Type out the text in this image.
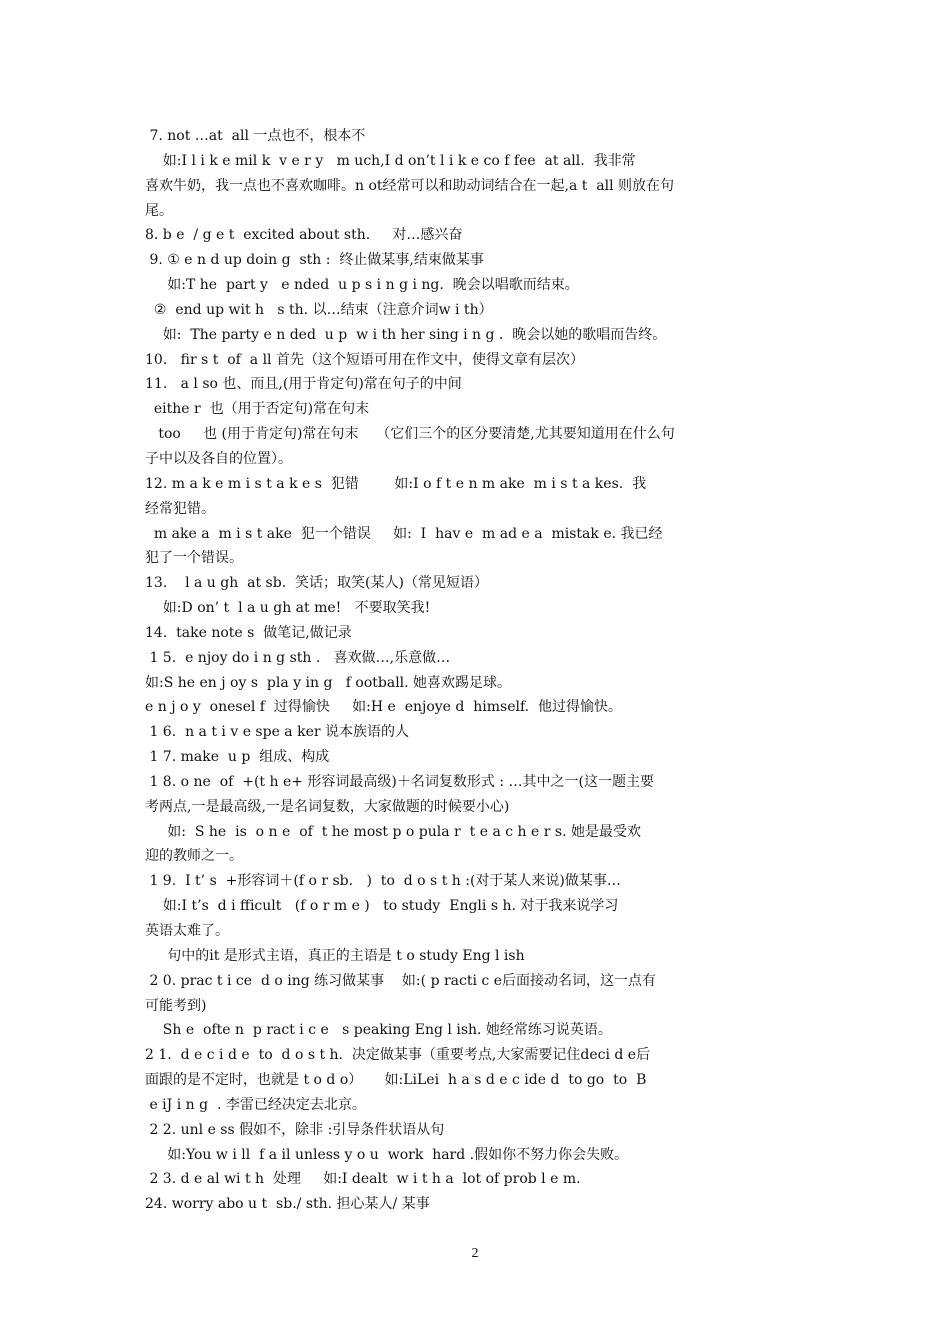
7. not …at  all 一点也不，根本不
如:I l i k e mil k  v e r y   m uch,I d on’t l i k e co f fee  at all.  我非常
喜欢牛奶，我一点也不喜欢咖啡。n ot经常可以和助动词结合在一起,a t  all 则放在句
尾。
8. b e  / g e t  excited about sth.     对…感兴奋
9. ① e n d up doin g  sth :  终止做某事,结束做某事
如:T he  part y   e nded  u p s i n g i ng.  晚会以唱歌而结束。
②  end up wit h   s th. 以…结束（注意介词w i th）
如:  The party e n ded  u p  w i th her sing i n g .  晚会以她的歌唱而告终。
10.   fir s t  of  a ll 首先（这个短语可用在作文中，使得文章有层次）
11.   a l so 也、而且,(用于肯定句)常在句子的中间
eithe r  也（用于否定句)常在句末
too     也 (用于肯定句)常在句末    （它们三个的区分要清楚,尤其要知道用在什么句
子中以及各自的位置）。
12. m a k e m i s t a k e s  犯错        如:I o f t e n m ake  m i s t a kes.  我
经常犯错。
m ake a  m i s t ake  犯一个错误     如:  I  hav e  m ad e a  mistak e. 我已经
犯了一个错误。
13.    l a u gh  at sb.  笑话；取笑(某人)（常见短语）
如:D on’ t  l a u gh at me!   不要取笑我!
14.  take note s  做笔记,做记录
1 5.  e njoy do i n g sth .   喜欢做…,乐意做…
如:S he en j oy s  pla y in g   f ootball. 她喜欢踢足球。
e n j o y  onesel f  过得愉快     如:H e  enjoye d  himself.  他过得愉快。
1 6.  n a t i v e spe a ker 说本族语的人
1 7. make  u p  组成、构成
1 8. o ne  of  +(t h e+ 形容词最高级)＋名词复数形式 : …其中之一(这一题主要
考两点,一是最高级,一是名词复数，大家做题的时候要小心)
如:  S he  is  o n e  of  t he most p o pula r  t e a c h e r s. 她是最受欢
迎的教师之一。
1 9.  I t’ s  +形容词＋(f o r sb.   )  to  d o s t h :(对于某人来说)做某事…
如:I t’s  d i fficult   (f o r m e )   to study  Engli s h. 对于我来说学习
英语太难了。
句中的it 是形式主语，真正的主语是 t o study Eng l ish
2 0. prac t i ce  d o ing 练习做某事    如:( p racti c e后面接动名词，这一点有
可能考到)
Sh e  ofte n  p ract i c e   s peaking Eng l ish. 她经常练习说英语。
2 1.  d e c i d e  to  d o s t h.  决定做某事（重要考点,大家需要记住deci d e后
面跟的是不定时，也就是 t o d o）     如:LiLei  h a s d e c ide d  to go  to  B
e iJ i n g  . 李雷已经决定去北京。
2 2. unl e ss 假如不，除非 :引导条件状语从句
如:You w i ll  f a il unless y o u  work  hard .假如你不努力你会失败。
2 3. d e al wi t h  处理     如:I dealt  w i t h a  lot of prob l e m.
24. worry abo u t  sb./ sth. 担心某人/ 某事
2
